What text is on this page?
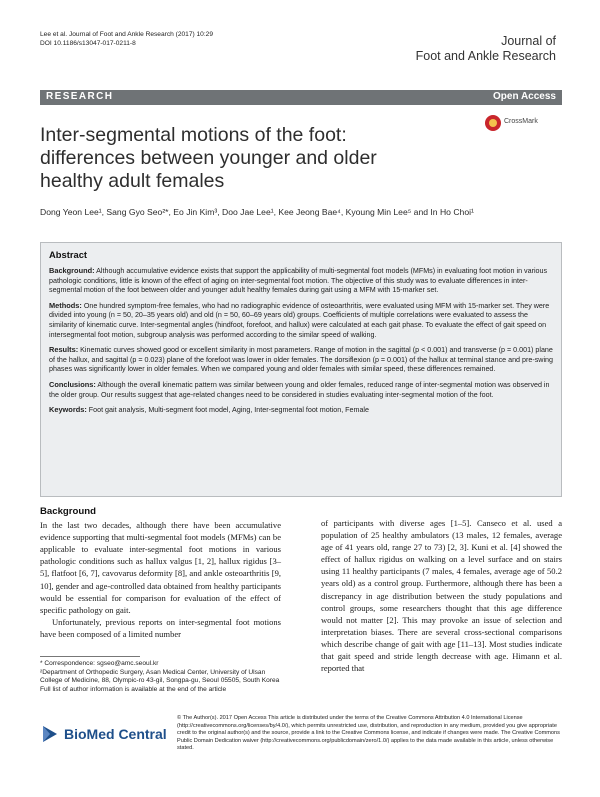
Lee et al. Journal of Foot and Ankle Research (2017) 10:29
DOI 10.1186/s13047-017-0211-8	Journal of
Foot and Ankle Research
RESEARCH	Open Access
Inter-segmental motions of the foot: differences between younger and older healthy adult females
CrossMark
Dong Yeon Lee¹, Sang Gyo Seo²*, Eo Jin Kim³, Doo Jae Lee¹, Kee Jeong Bae⁴, Kyoung Min Lee⁵ and In Ho Choi¹
Abstract

Background: Although accumulative evidence exists that support the applicability of multi-segmental foot models (MFMs) in evaluating foot motion in various pathologic conditions, little is known of the effect of aging on inter-segmental foot motion. The objective of this study was to evaluate differences in inter-segmental motion of the foot between older and younger adult healthy females during gait using a MFM with 15-marker set.

Methods: One hundred symptom-free females, who had no radiographic evidence of osteoarthritis, were evaluated using MFM with 15-marker set. They were divided into young (n = 50, 20–35 years old) and old (n = 50, 60–69 years old) groups. Coefficients of multiple correlations were evaluated to assess the similarity of kinematic curve. Inter-segmental angles (hindfoot, forefoot, and hallux) were calculated at each gait phase. To evaluate the effect of gait speed on intersegmental foot motion, subgroup analysis was performed according to the similar speed of walking.

Results: Kinematic curves showed good or excellent similarity in most parameters. Range of motion in the sagittal (p < 0.001) and transverse (p = 0.001) plane of the hallux, and sagittal (p = 0.023) plane of the forefoot was lower in older females. The dorsiflexion (p = 0.001) of the hallux at terminal stance and pre-swing phases was significantly lower in older females. When we compared young and older females with similar speed, these differences remained.

Conclusions: Although the overall kinematic pattern was similar between young and older females, reduced range of inter-segmental motion was observed in the older group. Our results suggest that age-related changes need to be considered in studies evaluating inter-segmental motion of the foot.

Keywords: Foot gait analysis, Multi-segment foot model, Aging, Inter-segmental foot motion, Female

Background

In the last two decades, although there have been accumulative evidence supporting that multi-segmental foot models (MFMs) can be applicable to evaluate inter-segmental foot motions in various pathologic conditions such as hallux valgus [1, 2], hallux rigidus [3–5], flatfoot [6, 7], cavovarus deformity [8], and ankle osteoarthritis [9, 10], gender and age-controlled data obtained from healthy participants would be essential for comparison for evaluation of the effect of specific pathology on gait.

Unfortunately, previous reports on inter-segmental foot motions have been composed of a limited number

of participants with diverse ages [1–5]. Canseco et al. used a population of 25 healthy ambulators (13 males, 12 females, average age of 41 years old, range 27 to 73) [2, 3]. Kuni et al. [4] showed the effect of hallux rigidus on walking on a level surface and on stairs using 11 healthy participants (7 males, 4 females, average age of 50.2 years old) as a control group. Furthermore, although there has been a discrepancy in age distribution between the study populations and control groups, some researchers thought that this age difference would not matter [2]. This may provoke an issue of selection and interpretation biases. There are several cross-sectional comparisons which describe change of gait with age [11–13]. Most studies indicate that gait speed and stride length decrease with age. Himann et al. reported that

* Correspondence: sgseo@amc.seoul.kr
²Department of Orthopedic Surgery, Asan Medical Center, University of Ulsan College of Medicine, 88, Olympic-ro 43-gil, Songpa-gu, Seoul 05505, South Korea
Full list of author information is available at the end of the article
BioMed Central
© The Author(s). 2017 Open Access This article is distributed under the terms of the Creative Commons Attribution 4.0 International License (http://creativecommons.org/licenses/by/4.0/), which permits unrestricted use, distribution, and reproduction in any medium, provided you give appropriate credit to the original author(s) and the source, provide a link to the Creative Commons license, and indicate if changes were made. The Creative Commons Public Domain Dedication waiver (http://creativecommons.org/publicdomain/zero/1.0/) applies to the data made available in this article, unless otherwise stated.
